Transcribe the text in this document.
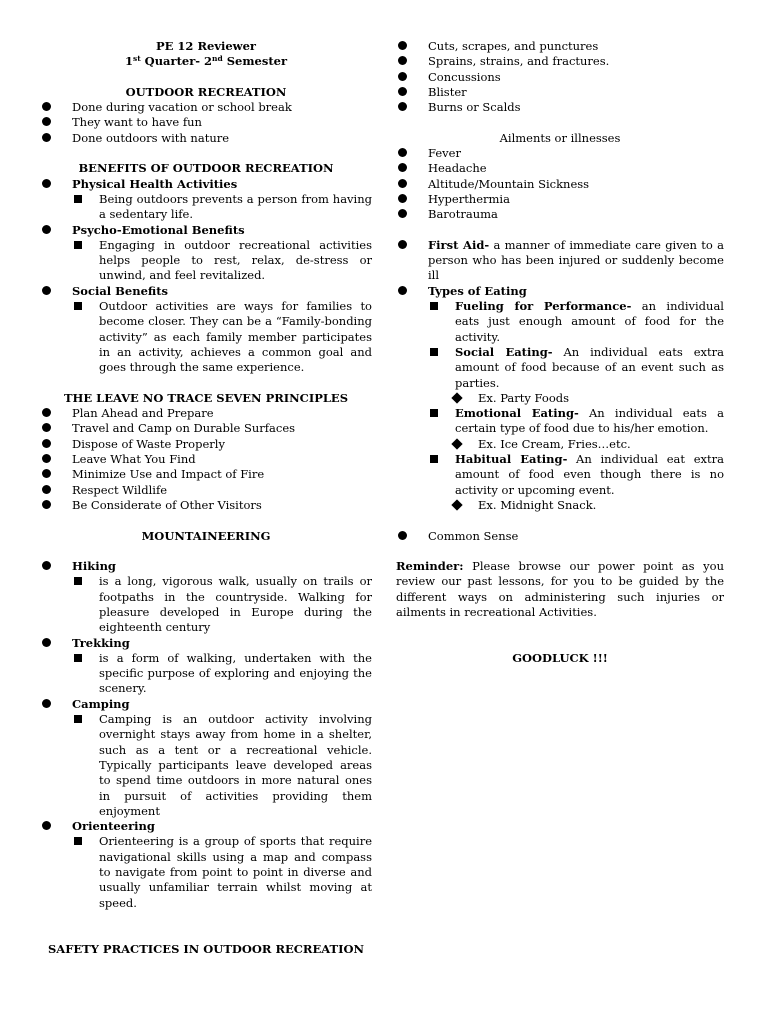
PE 12 Reviewer
1st Quarter- 2nd Semester
OUTDOOR RECREATION
Done during vacation or school break
They want to have fun
Done outdoors with nature
BENEFITS OF OUTDOOR RECREATION
Physical Health Activities
Being outdoors prevents a person from having a sedentary life.
Psycho-Emotional Benefits
Engaging in outdoor recreational activities helps people to rest, relax, de-stress or unwind, and feel revitalized.
Social Benefits
Outdoor activities are ways for families to become closer. They can be a “Family-bonding activity” as each family member participates in an activity, achieves a common goal and goes through the same experience.
THE LEAVE NO TRACE SEVEN PRINCIPLES
Plan Ahead and Prepare
Travel and Camp on Durable Surfaces
Dispose of Waste Properly
Leave What You Find
Minimize Use and Impact of Fire
Respect Wildlife
Be Considerate of Other Visitors
MOUNTAINEERING
Hiking
is a long, vigorous walk, usually on trails or footpaths in the countryside. Walking for pleasure developed in Europe during the eighteenth century
Trekking
is a form of walking, undertaken with the specific purpose of exploring and enjoying the scenery.
Camping
Camping is an outdoor activity involving overnight stays away from home in a shelter, such as a tent or a recreational vehicle. Typically participants leave developed areas to spend time outdoors in more natural ones in pursuit of activities providing them enjoyment
Orienteering
Orienteering is a group of sports that require navigational skills using a map and compass to navigate from point to point in diverse and usually unfamiliar terrain whilst moving at speed.
SAFETY PRACTICES IN OUTDOOR RECREATION
Cuts, scrapes, and punctures
Sprains, strains, and fractures.
Concussions
Blister
Burns or Scalds
Ailments or illnesses
Fever
Headache
Altitude/Mountain Sickness
Hyperthermia
Barotrauma
First Aid- a manner of immediate care given to a person who has been injured or suddenly become ill
Types of Eating
Fueling for Performance- an individual eats just enough amount of food for the activity.
Social Eating- An individual eats extra amount of food because of an event such as parties.
Ex. Party Foods
Emotional Eating- An individual eats a certain type of food due to his/her emotion.
Ex. Ice Cream, Fries…etc.
Habitual Eating- An individual eat extra amount of food even though there is no activity or upcoming event.
Ex. Midnight Snack.
Common Sense
Reminder: Please browse our power point as you review our past lessons, for you to be guided by the different ways on administering such injuries or ailments in recreational Activities.
GOODLUCK !!!
